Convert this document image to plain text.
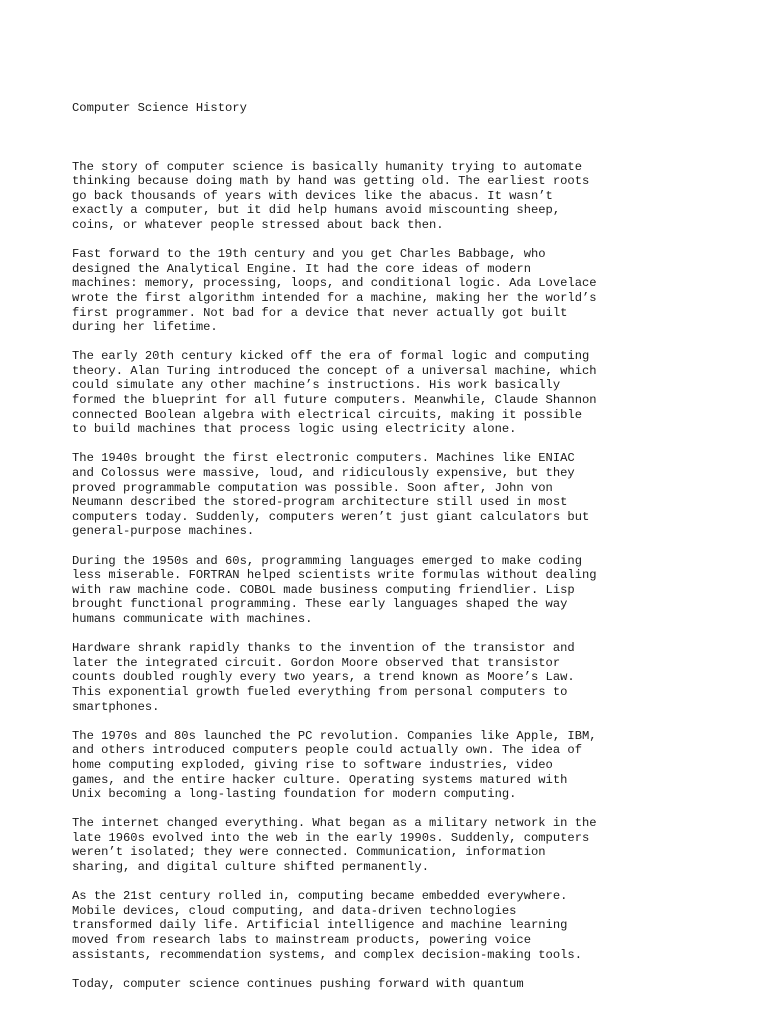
Computer Science History

The story of computer science is basically humanity trying to automate
thinking because doing math by hand was getting old. The earliest roots
go back thousands of years with devices like the abacus. It wasn’t
exactly a computer, but it did help humans avoid miscounting sheep,
coins, or whatever people stressed about back then.
Fast forward to the 19th century and you get Charles Babbage, who
designed the Analytical Engine. It had the core ideas of modern
machines: memory, processing, loops, and conditional logic. Ada Lovelace
wrote the first algorithm intended for a machine, making her the world’s
first programmer. Not bad for a device that never actually got built
during her lifetime.
The early 20th century kicked off the era of formal logic and computing
theory. Alan Turing introduced the concept of a universal machine, which
could simulate any other machine’s instructions. His work basically
formed the blueprint for all future computers. Meanwhile, Claude Shannon
connected Boolean algebra with electrical circuits, making it possible
to build machines that process logic using electricity alone.
The 1940s brought the first electronic computers. Machines like ENIAC
and Colossus were massive, loud, and ridiculously expensive, but they
proved programmable computation was possible. Soon after, John von
Neumann described the stored-program architecture still used in most
computers today. Suddenly, computers weren’t just giant calculators but
general-purpose machines.
During the 1950s and 60s, programming languages emerged to make coding
less miserable. FORTRAN helped scientists write formulas without dealing
with raw machine code. COBOL made business computing friendlier. Lisp
brought functional programming. These early languages shaped the way
humans communicate with machines.
Hardware shrank rapidly thanks to the invention of the transistor and
later the integrated circuit. Gordon Moore observed that transistor
counts doubled roughly every two years, a trend known as Moore’s Law.
This exponential growth fueled everything from personal computers to
smartphones.
The 1970s and 80s launched the PC revolution. Companies like Apple, IBM,
and others introduced computers people could actually own. The idea of
home computing exploded, giving rise to software industries, video
games, and the entire hacker culture. Operating systems matured with
Unix becoming a long-lasting foundation for modern computing.
The internet changed everything. What began as a military network in the
late 1960s evolved into the web in the early 1990s. Suddenly, computers
weren’t isolated; they were connected. Communication, information
sharing, and digital culture shifted permanently.
As the 21st century rolled in, computing became embedded everywhere.
Mobile devices, cloud computing, and data-driven technologies
transformed daily life. Artificial intelligence and machine learning
moved from research labs to mainstream products, powering voice
assistants, recommendation systems, and complex decision-making tools.
Today, computer science continues pushing forward with quantum
